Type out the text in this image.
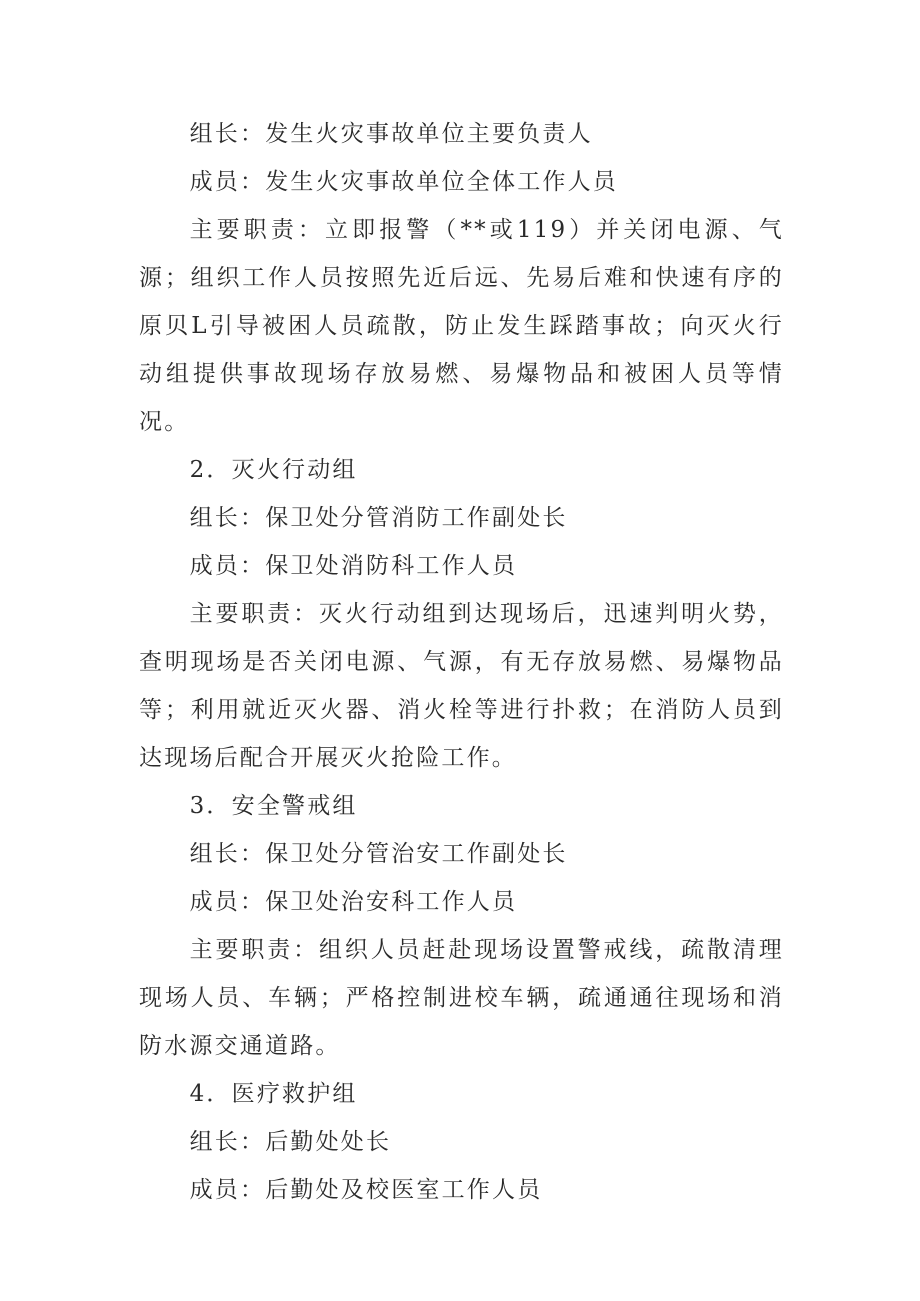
组长：发生火灾事故单位主要负责人

成员：发生火灾事故单位全体工作人员

主要职责：立即报警（**或119）并关闭电源、气源；组织工作人员按照先近后远、先易后难和快速有序的原贝L引导被困人员疏散，防止发生踩踏事故；向灭火行动组提供事故现场存放易燃、易爆物品和被困人员等情况。

2．灭火行动组

组长：保卫处分管消防工作副处长

成员：保卫处消防科工作人员

主要职责：灭火行动组到达现场后，迅速判明火势，查明现场是否关闭电源、气源，有无存放易燃、易爆物品等；利用就近灭火器、消火栓等进行扑救；在消防人员到达现场后配合开展灭火抢险工作。

3．安全警戒组

组长：保卫处分管治安工作副处长

成员：保卫处治安科工作人员

主要职责：组织人员赶赴现场设置警戒线，疏散清理现场人员、车辆；严格控制进校车辆，疏通通往现场和消防水源交通道路。

4．医疗救护组

组长：后勤处处长

成员：后勤处及校医室工作人员
